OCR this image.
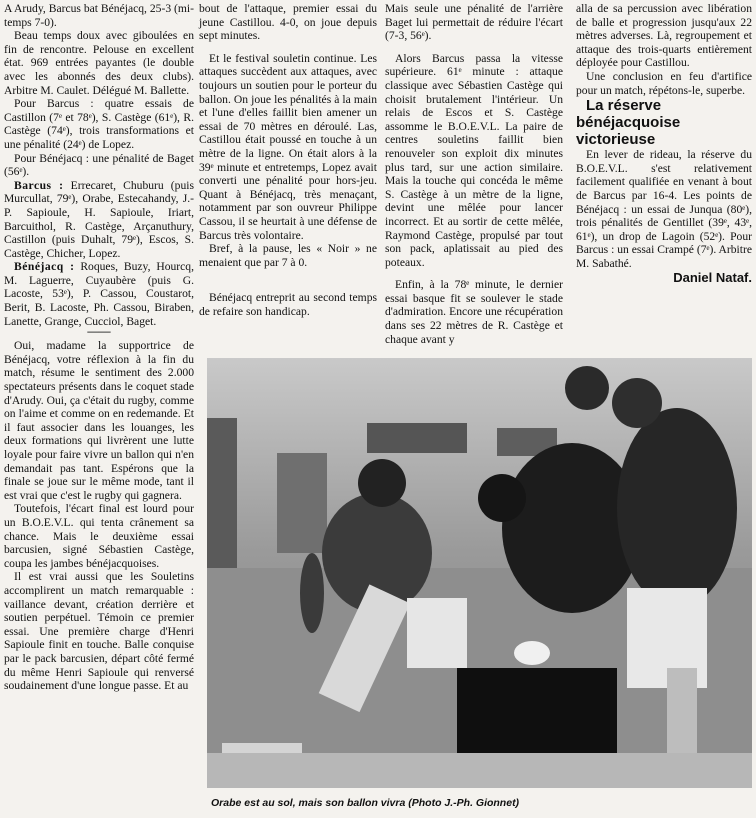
A Arudy, Barcus bat Bénéjacq, 25-3 (mi-temps 7-0).

Beau temps doux avec giboulées en fin de rencontre. Pelouse en excellent état. 969 entrées payantes (le double avec les abonnés des deux clubs). Arbitre M. Caulet. Délégué M. Ballette.

Pour Barcus : quatre essais de Castillon (7ᵉ et 78ᵉ), S. Castège (61ᵉ), R. Castège (74ᵉ), trois transformations et une pénalité (24ᵉ) de Lopez.

Pour Bénéjacq : une pénalité de Baget (56ᵉ).

Barcus : Errecaret, Chuburu (puis Murcullat, 79ᵉ), Orabe, Estecahandy, J.-P. Sapioule, H. Sapioule, Iriart, Barcuithol, R. Castège, Arçanuthury, Castillon (puis Duhalt, 79ᵉ), Escos, S. Castège, Chicher, Lopez.

Bénéjacq : Roques, Buzy, Hourcq, M. Laguerre, Cuyaubère (puis G. Lacoste, 53ᵉ), P. Cassou, Coustarot, Berit, B. Lacoste, Ph. Cassou, Biraben, Lanette, Grange, Cucciol, Baget.

——

Oui, madame la supportrice de Bénéjacq, votre réflexion à la fin du match, résume le sentiment des 2.000 spectateurs présents dans le coquet stade d'Arudy. Oui, ça c'était du rugby, comme on l'aime et comme on en redemande. Et il faut associer dans les louanges, les deux formations qui livrèrent une lutte loyale pour faire vivre un ballon qui n'en demandait pas tant. Espérons que la finale se joue sur le même mode, tant il est vrai que c'est le rugby qui gagnera.

Toutefois, l'écart final est lourd pour un B.O.E.V.L. qui tenta crânement sa chance. Mais le deuxième essai barcusien, signé Sébastien Castège, coupa les jambes bénéjacquoises.

Il est vrai aussi que les Souletins accomplirent un match remarquable : vaillance devant, création derrière et soutien perpétuel. Témoin ce premier essai. Une première charge d'Henri Sapioule finit en touche. Balle conquise par le pack barcusien, départ côté fermé du même Henri Sapioule qui renversé soudainement d'une longue passe. Et au

bout de l'attaque, premier essai du jeune Castillou. 4-0, on joue depuis sept minutes.

Et le festival souletin continue. Les attaques succèdent aux attaques, avec toujours un soutien pour le porteur du ballon. On joue les pénalités à la main et l'une d'elles faillit bien amener un essai de 70 mètres en déroulé. Las, Castillou était poussé en touche à un mètre de la ligne. On était alors à la 39ᵉ minute et entretemps, Lopez avait converti une pénalité pour hors-jeu. Quant à Bénéjacq, très menaçant, notamment par son ouvreur Philippe Cassou, il se heurtait à une défense de Barcus très volontaire.

Bref, à la pause, les « Noir » ne menaient que par 7 à 0.

Bénéjacq entreprit au second temps de refaire son handicap.

Mais seule une pénalité de l'arrière Baget lui permettait de réduire l'écart (7-3, 56ᵉ).

Alors Barcus passa la vitesse supérieure. 61ᵉ minute : attaque classique avec Sébastien Castège qui choisit brutalement l'intérieur. Un relais de Escos et S. Castège assomme le B.O.E.V.L. La paire de centres souletins faillit bien renouveler son exploit dix minutes plus tard, sur une action similaire. Mais la touche qui concéda le même S. Castège à un mètre de la ligne, devint une mêlée pour lancer incorrect. Et au sortir de cette mêlée, Raymond Castège, propulsé par tout son pack, aplatissait au pied des poteaux.

Enfin, à la 78ᵉ minute, le dernier essai basque fit se soulever le stade d'admiration. Encore une récupération dans ses 22 mètres de R. Castège et chaque avant y

alla de sa percussion avec libération de balle et progression jusqu'aux 22 mètres adverses. Là, regroupement et attaque des trois-quarts entièrement déployée pour Castillou.

Une conclusion en feu d'artifice pour un match, répétons-le, superbe.

La réserve bénéjacquoise victorieuse

En lever de rideau, la réserve du B.O.E.V.L. s'est relativement facilement qualifiée en venant à bout de Barcus par 16-4. Les points de Bénéjacq : un essai de Junqua (80ᵉ), trois pénalités de Gentillet (39ᵉ, 43ᵉ, 61ᵉ), un drop de Lagoin (52ᵉ). Pour Barcus : un essai Crampé (7ᵉ). Arbitre M. Sabathé.

Daniel Nataf.

Orabe est au sol, mais son ballon vivra (Photo J.-Ph. Gionnet)
